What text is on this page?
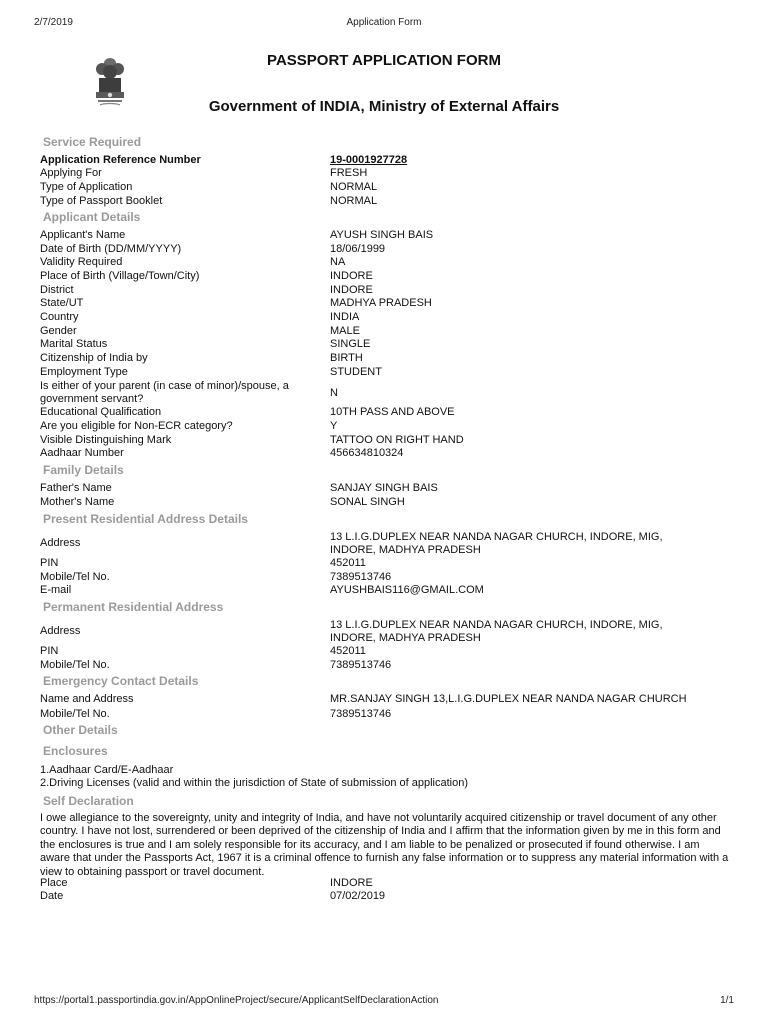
2/7/2019	Application Form
PASSPORT APPLICATION FORM
Government of INDIA, Ministry of External Affairs
Service Required
Application Reference Number	19-0001927728
Applying For	FRESH
Type of Application	NORMAL
Type of Passport Booklet	NORMAL
Applicant Details
Applicant's Name	AYUSH SINGH BAIS
Date of Birth (DD/MM/YYYY)	18/06/1999
Validity Required	NA
Place of Birth (Village/Town/City)	INDORE
District	INDORE
State/UT	MADHYA PRADESH
Country	INDIA
Gender	MALE
Marital Status	SINGLE
Citizenship of India by	BIRTH
Employment Type	STUDENT
Is either of your parent (in case of minor)/spouse, a government servant?	N
Educational Qualification	10TH PASS AND ABOVE
Are you eligible for Non-ECR category?	Y
Visible Distinguishing Mark	TATTOO ON RIGHT HAND
Aadhaar Number	456634810324
Family Details
Father's Name	SANJAY SINGH BAIS
Mother's Name	SONAL SINGH
Present Residential Address Details
Address	13 L.I.G.DUPLEX NEAR NANDA NAGAR CHURCH, INDORE, MIG, INDORE, MADHYA PRADESH
PIN	452011
Mobile/Tel No.	7389513746
E-mail	AYUSHBAIS116@GMAIL.COM
Permanent Residential Address
Address	13 L.I.G.DUPLEX NEAR NANDA NAGAR CHURCH, INDORE, MIG, INDORE, MADHYA PRADESH
PIN	452011
Mobile/Tel No.	7389513746
Emergency Contact Details
Name and Address	MR.SANJAY SINGH 13,L.I.G.DUPLEX NEAR NANDA NAGAR CHURCH
Mobile/Tel No.	7389513746
Other Details
Enclosures
1.Aadhaar Card/E-Aadhaar
2.Driving Licenses (valid and within the jurisdiction of State of submission of application)
Self Declaration
I owe allegiance to the sovereignty, unity and integrity of India, and have not voluntarily acquired citizenship or travel document of any other country. I have not lost, surrendered or been deprived of the citizenship of India and I affirm that the information given by me in this form and the enclosures is true and I am solely responsible for its accuracy, and I am liable to be penalized or prosecuted if found otherwise. I am aware that under the Passports Act, 1967 it is a criminal offence to furnish any false information or to suppress any material information with a view to obtaining passport or travel document.
Place	INDORE
Date	07/02/2019
https://portal1.passportindia.gov.in/AppOnlineProject/secure/ApplicantSelfDeclarationAction	1/1
